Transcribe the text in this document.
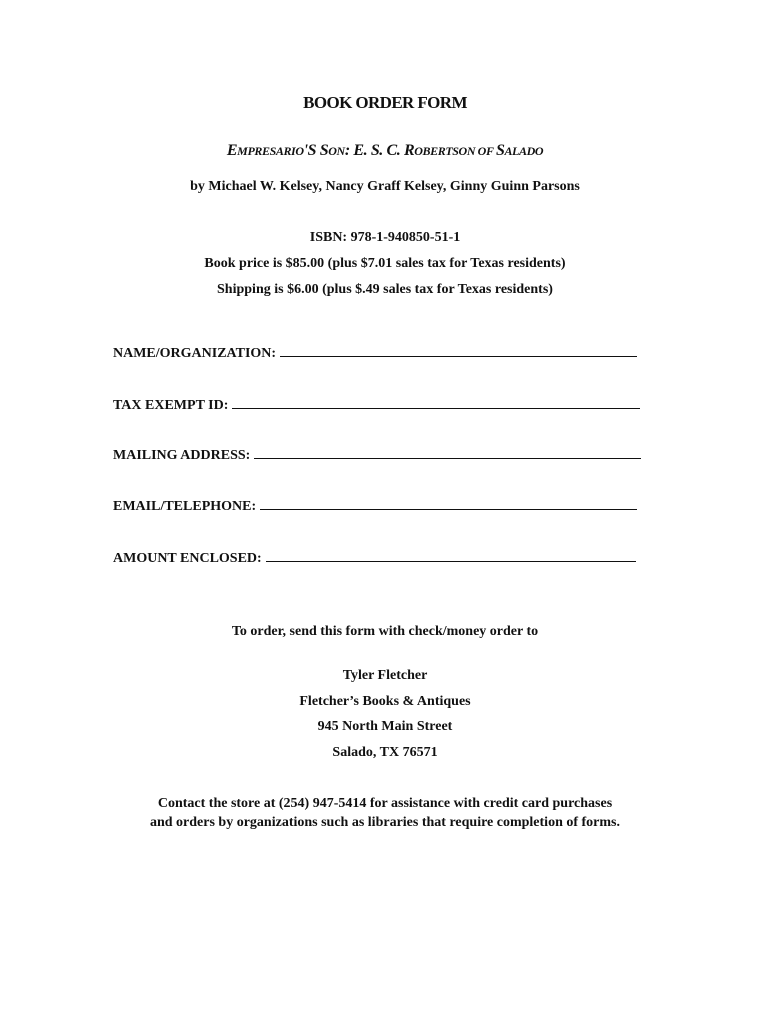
BOOK ORDER FORM
EMPRESARIO'S SON: E. S. C. ROBERTSON OF SALADO
by Michael W. Kelsey, Nancy Graff Kelsey, Ginny Guinn Parsons
ISBN: 978-1-940850-51-1
Book price is $85.00 (plus $7.01 sales tax for Texas residents)
Shipping is $6.00 (plus $.49 sales tax for Texas residents)
NAME/ORGANIZATION:
TAX EXEMPT ID:
MAILING ADDRESS:
EMAIL/TELEPHONE:
AMOUNT ENCLOSED:
To order, send this form with check/money order to
Tyler Fletcher
Fletcher’s Books & Antiques
945 North Main Street
Salado, TX 76571
Contact the store at (254) 947-5414 for assistance with credit card purchases
and orders by organizations such as libraries that require completion of forms.
